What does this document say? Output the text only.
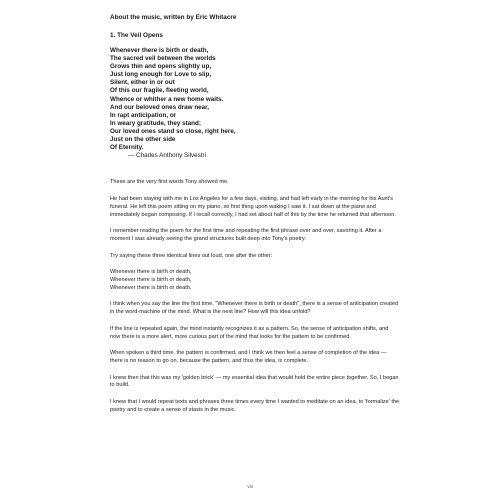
About the music, written by Eric Whitacre

1. The Veil Opens

Whenever there is birth or death,
The sacred veil between the worlds
Grows thin and opens slightly up,
Just long enough for Love to slip,
Silent, either in or out
Of this our fragile, fleeting world,
Whence or whither a new home waits.
And our beloved ones draw near,
In rapt anticipation, or
In weary gratitude, they stand;
Our loved ones stand so close, right here,
Just on the other side
Of Eternity.

— Charles Anthony Silvestri

These are the very first words Tony showed me.

He had been staying with me in Los Angeles for a few days, visiting, and had left early in the morning for his Aunt's funeral. He left this poem sitting on my piano, so first thing upon waking I saw it. I sat down at the piano and immediately began composing. If I recall correctly, I had set about half of this by the time he returned that afternoon.

I remember reading the poem for the first time and repeating the first phrase over and over, savoring it. After a moment I was already seeing the grand structures built deep into Tony's poetry.

Try saying these three identical lines out loud, one after the other:

Whenever there is birth or death,
Whenever there is birth or death,
Whenever there is birth or death.

I think when you say the line the first time, "Whenever there is birth or death", there is a sense of anticipation created in the word-machine of the mind. What is the next line? How will this idea unfold?

If the line is repeated again, the mind instantly recognizes it as a pattern. So, the sense of anticipation shifts, and now there is a more alert, more curious part of the mind that looks for the pattern to be confirmed.

When spoken a third time, the pattern is confirmed, and I think we then feel a sense of completion of the idea — there is no reason to go on, because the pattern, and thus the idea, is complete.

I knew then that this was my 'golden brick' — my essential idea that would hold the entire piece together. So, I began to build.

I knew that I would repeat texts and phrases three times every time I wanted to meditate on an idea, to 'formalize' the poetry and to create a sense of stasis in the music.

viii
